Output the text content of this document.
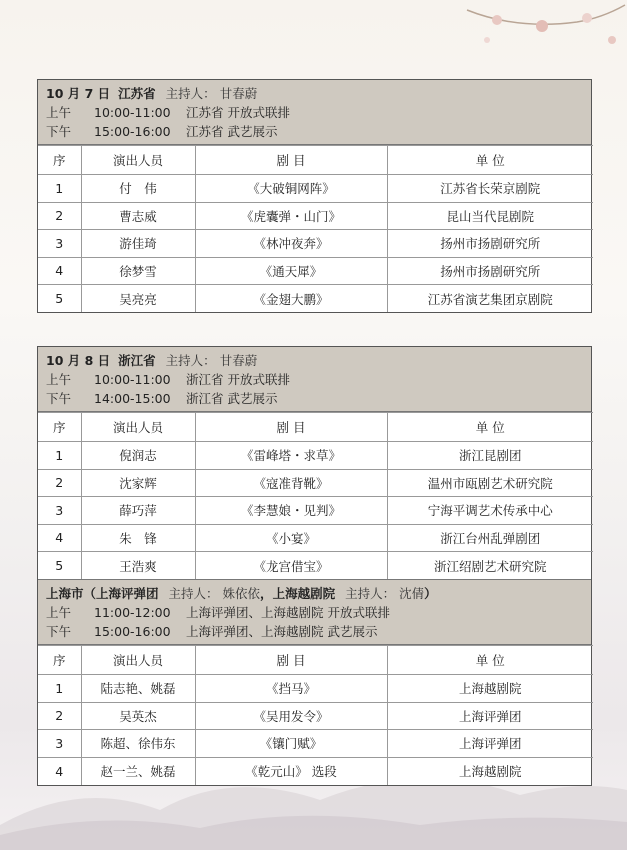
10 月 7 日 江苏省 主持人： 甘春蔚
上午	10:00-11:00	江苏省 开放式联排
下午	15:00-16:00	江苏省 武艺展示
序	演出人员	剧 目	单 位
1	付　伟	《大破铜网阵》	江苏省长荣京剧院
2	曹志威	《虎囊弹・山门》	昆山当代昆剧院
3	游佳琦	《林冲夜奔》	扬州市扬剧研究所
4	徐梦雪	《通天犀》	扬州市扬剧研究所
5	吴亮亮	《金翅大鹏》	江苏省演艺集团京剧院
10 月 8 日 浙江省 主持人： 甘春蔚
上午	10:00-11:00	浙江省 开放式联排
下午	14:00-15:00	浙江省 武艺展示
序	演出人员	剧 目	单 位
1	倪润志	《雷峰塔・求草》	浙江昆剧团
2	沈家辉	《寇准背靴》	温州市瓯剧艺术研究院
3	薛巧萍	《李慧娘・见判》	宁海平调艺术传承中心
4	朱　锋	《小宴》	浙江台州乱弹剧团
5	王浩爽	《龙宫借宝》	浙江绍剧艺术研究院
上海市（上海评弹团 主持人： 姝依依，上海越剧院 主持人： 沈倩）
上午	11:00-12:00	上海评弹团、上海越剧院 开放式联排
下午	15:00-16:00	上海评弹团、上海越剧院 武艺展示
序	演出人员	剧 目	单 位
1	陆志艳、姚磊	《挡马》	上海越剧院
2	吴英杰	《吴用发令》	上海评弹团
3	陈超、徐伟东	《镶门赋》	上海评弹团
4	赵一兰、姚磊	《乾元山》 选段	上海越剧院
